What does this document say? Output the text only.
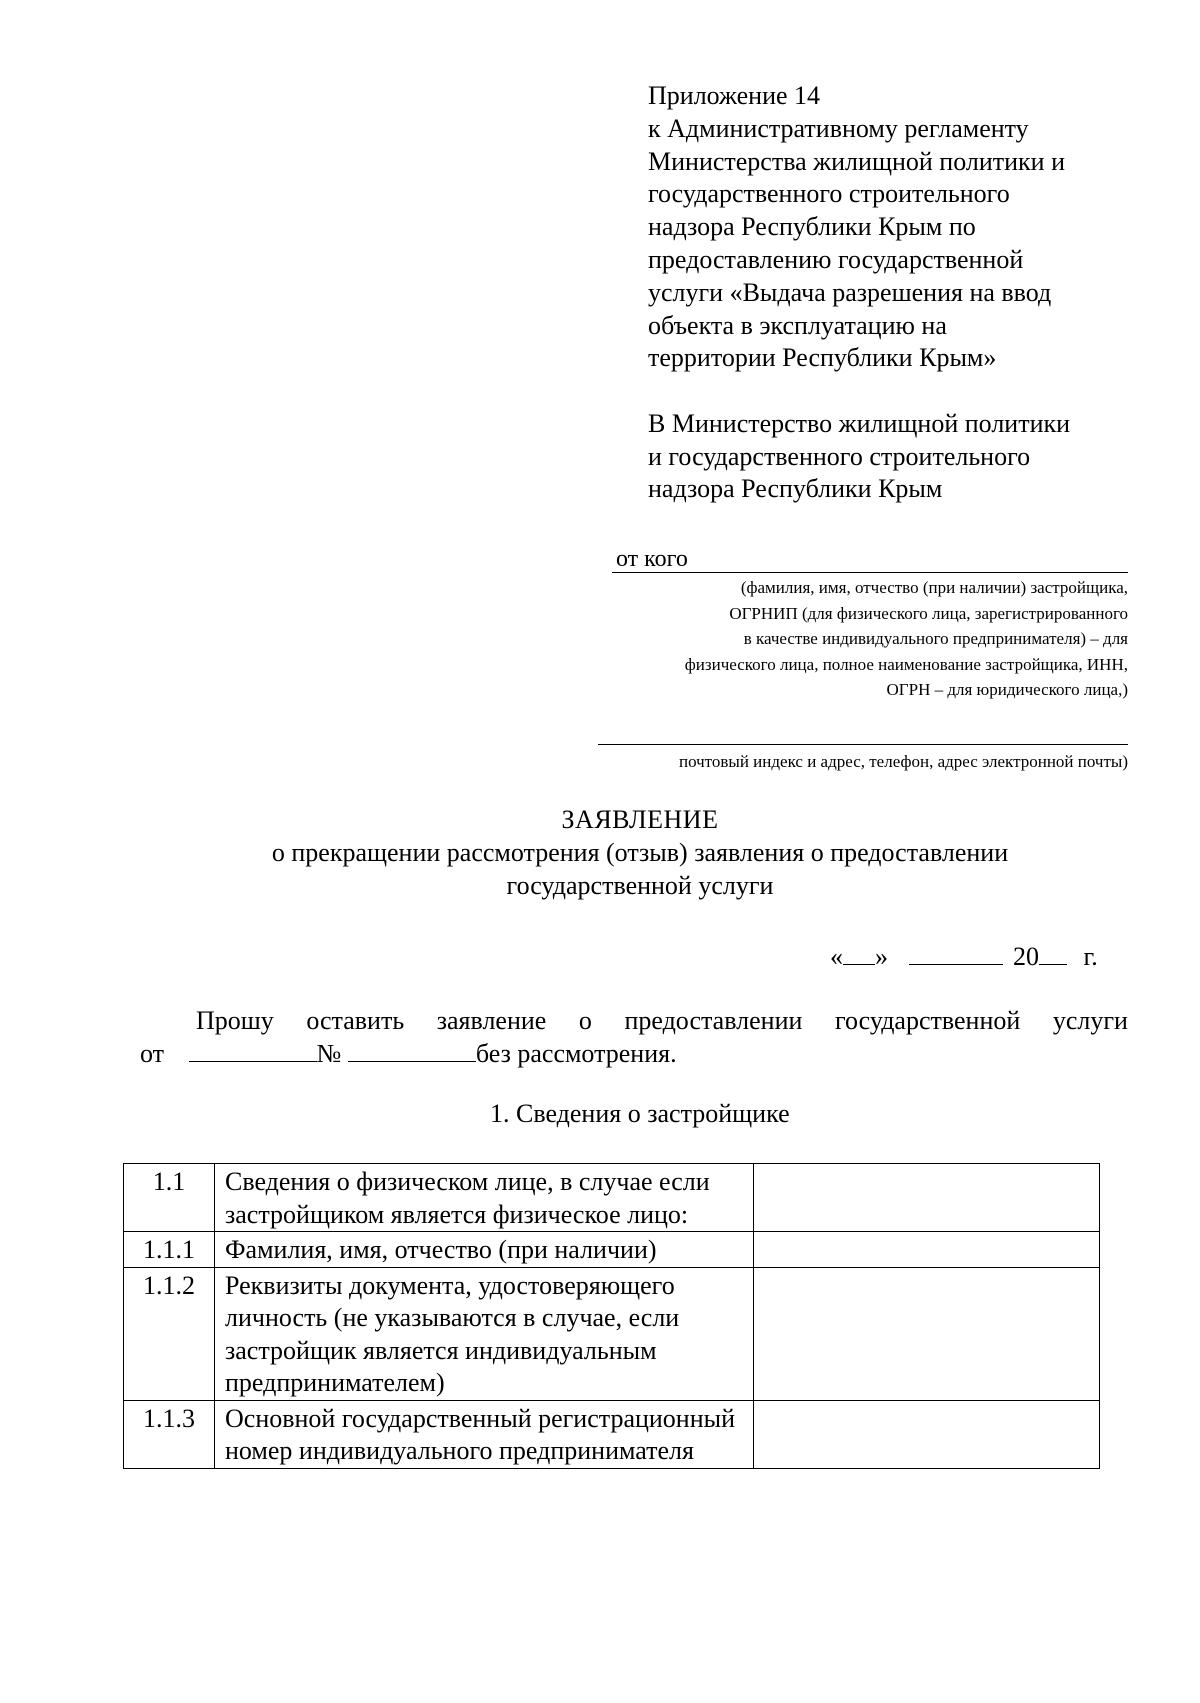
Приложение 14
к Административному регламенту
Министерства жилищной политики и
государственного строительного
надзора Республики Крым по
предоставлению государственной
услуги «Выдача разрешения на ввод
объекта в эксплуатацию на
территории Республики Крым»
В Министерство жилищной политики
и государственного строительного
надзора Республики Крым
от кого
(фамилия, имя, отчество (при наличии) застройщика,
ОГРНИП (для физического лица, зарегистрированного
в качестве индивидуального предпринимателя) – для
физического лица, полное наименование застройщика, ИНН,
ОГРН – для юридического лица,)
почтовый индекс и адрес, телефон, адрес электронной почты)
ЗАЯВЛЕНИЕ
о прекращении рассмотрения (отзыв) заявления о предоставлении
государственной услуги
« »	20 г.
Прошу оставить заявление о предоставлении государственной услуги
от	№	без рассмотрения.
1. Сведения о застройщике
1.1	Сведения о физическом лице, в случае если застройщиком является физическое лицо:	
1.1.1	Фамилия, имя, отчество (при наличии)	
1.1.2	Реквизиты документа, удостоверяющего личность (не указываются в случае, если застройщик является индивидуальным предпринимателем)	
1.1.3	Основной государственный регистрационный номер индивидуального предпринимателя	
